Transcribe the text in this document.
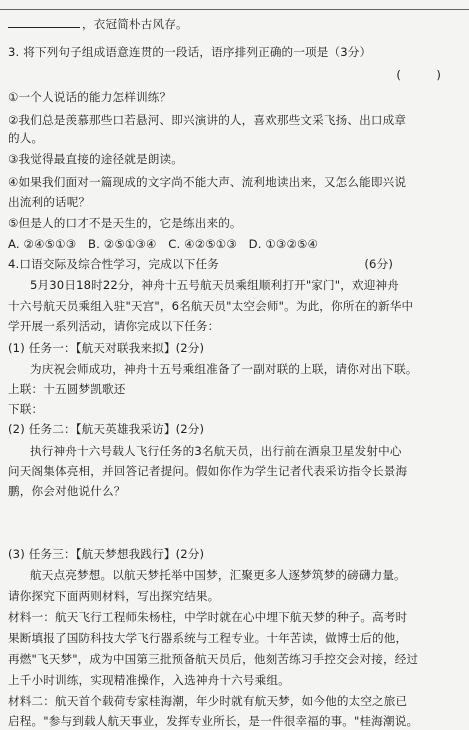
，衣冠简朴古风存。
3. 将下列句子组成语意连贯的一段话，语序排列正确的一项是（3分）
(　　　)
①一个人说话的能力怎样训练？
②我们总是羡慕那些口若悬河、即兴演讲的人，喜欢那些文采飞扬、出口成章
的人。
③我觉得最直接的途径就是朗读。
④如果我们面对一篇现成的文字尚不能大声、流利地读出来，又怎么能即兴说
出流利的话呢？
⑤但是人的口才不是天生的，它是练出来的。
A. ②④⑤①③　B. ②⑤①③④　C. ④②⑤①③　D. ①③②⑤④
4.口语交际及综合性学习，完成以下任务	(6分)
5月30日18时22分，神舟十五号航天员乘组顺利打开"家门"，欢迎神舟
十六号航天员乘组入驻"天宫"，6名航天员"太空会师"。为此，你所在的新华中
学开展一系列活动，请你完成以下任务：
(1) 任务一：【航天对联我来拟】(2分)
为庆祝会师成功，神舟十五号乘组准备了一副对联的上联，请你对出下联。
上联：十五圆梦凯歌还
下联：
(2) 任务二：【航天英雄我采访】(2分)
执行神舟十六号载人飞行任务的3名航天员，出行前在酒泉卫星发射中心
问天阁集体亮相，并回答记者提问。假如你作为学生记者代表采访指令长景海
鹏，你会对他说什么？
(3) 任务三：【航天梦想我践行】(2分)
航天点亮梦想。以航天梦托举中国梦，汇聚更多人逐梦筑梦的磅礴力量。
请你探究下面两则材料，写出探究结果。
材料一：航天飞行工程师朱杨柱，中学时就在心中埋下航天梦的种子。高考时
果断填报了国防科技大学飞行器系统与工程专业。十年苦读，做博士后的他，
再燃"飞天梦"，成为中国第三批预备航天员后，他刻苦练习手控交会对接，经过
上千小时训练，实现精准操作，入选神舟十六号乘组。
材料二：航天首个载荷专家桂海潮，年少时就有航天梦，如今他的太空之旅已
启程。"参与到载人航天事业，发挥专业所长，是一件很幸福的事。"桂海潮说。
